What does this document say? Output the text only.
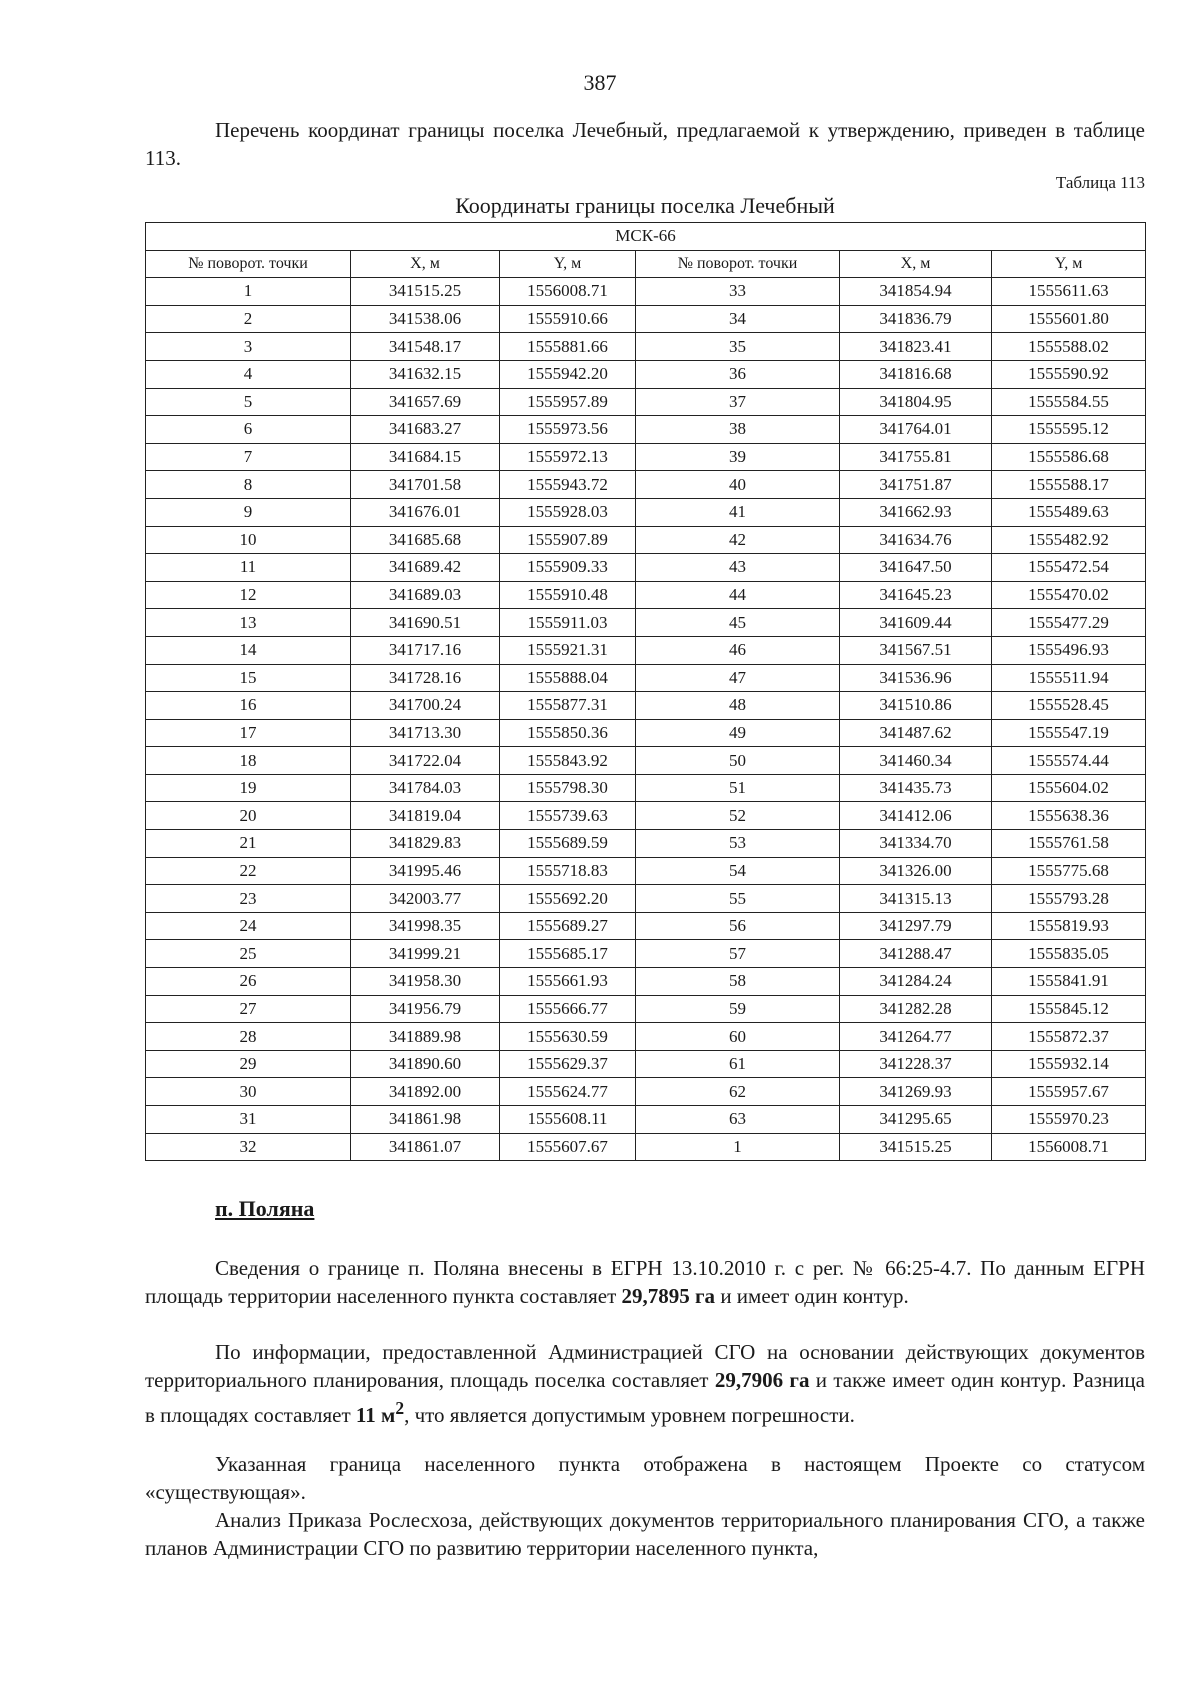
387

Перечень координат границы поселка Лечебный, предлагаемой к утверждению, приведен в таблице 113.

Таблица 113
Координаты границы поселка Лечебный
МСК-66					
№ поворот. точки	X, м	Y, м	№ поворот. точки	X, м	Y, м
1	341515.25	1556008.71	33	341854.94	1555611.63
2	341538.06	1555910.66	34	341836.79	1555601.80
3	341548.17	1555881.66	35	341823.41	1555588.02
4	341632.15	1555942.20	36	341816.68	1555590.92
5	341657.69	1555957.89	37	341804.95	1555584.55
6	341683.27	1555973.56	38	341764.01	1555595.12
7	341684.15	1555972.13	39	341755.81	1555586.68
8	341701.58	1555943.72	40	341751.87	1555588.17
9	341676.01	1555928.03	41	341662.93	1555489.63
10	341685.68	1555907.89	42	341634.76	1555482.92
11	341689.42	1555909.33	43	341647.50	1555472.54
12	341689.03	1555910.48	44	341645.23	1555470.02
13	341690.51	1555911.03	45	341609.44	1555477.29
14	341717.16	1555921.31	46	341567.51	1555496.93
15	341728.16	1555888.04	47	341536.96	1555511.94
16	341700.24	1555877.31	48	341510.86	1555528.45
17	341713.30	1555850.36	49	341487.62	1555547.19
18	341722.04	1555843.92	50	341460.34	1555574.44
19	341784.03	1555798.30	51	341435.73	1555604.02
20	341819.04	1555739.63	52	341412.06	1555638.36
21	341829.83	1555689.59	53	341334.70	1555761.58
22	341995.46	1555718.83	54	341326.00	1555775.68
23	342003.77	1555692.20	55	341315.13	1555793.28
24	341998.35	1555689.27	56	341297.79	1555819.93
25	341999.21	1555685.17	57	341288.47	1555835.05
26	341958.30	1555661.93	58	341284.24	1555841.91
27	341956.79	1555666.77	59	341282.28	1555845.12
28	341889.98	1555630.59	60	341264.77	1555872.37
29	341890.60	1555629.37	61	341228.37	1555932.14
30	341892.00	1555624.77	62	341269.93	1555957.67
31	341861.98	1555608.11	63	341295.65	1555970.23
32	341861.07	1555607.67	1	341515.25	1556008.71
п. Поляна

Сведения о границе п. Поляна внесены в ЕГРН 13.10.2010 г. с рег. № 66:25-4.7. По данным ЕГРН площадь территории населенного пункта составляет 29,7895 га и имеет один контур.

По информации, предоставленной Администрацией СГО на основании действующих документов территориального планирования, площадь поселка составляет 29,7906 га и также имеет один контур. Разница в площадях составляет 11 $м^2$, что является допустимым уровнем погрешности.

Указанная граница населенного пункта отображена в настоящем Проекте со статусом «существующая».

Анализ Приказа Рослесхоза, действующих документов территориального планирования СГО, а также планов Администрации СГО по развитию территории населенного пункта,
